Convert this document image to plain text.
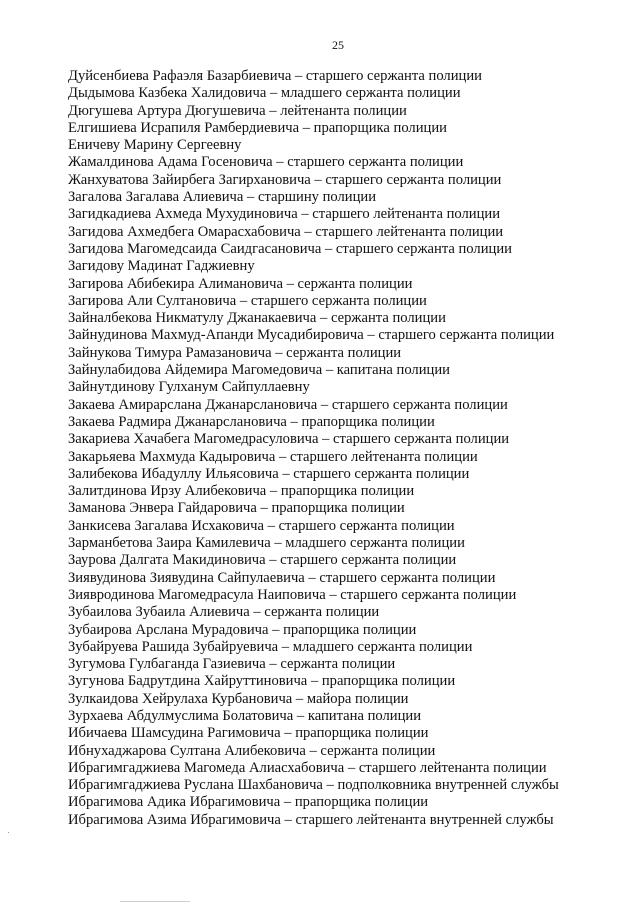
25
Дуйсенбиева Рафаэля Базарбиевича – старшего сержанта полиции
Дыдымова Казбека Халидовича – младшего сержанта полиции
Дюгушева Артура Дюгушевича – лейтенанта полиции
Елгишиева Исрапиля Рамбердиевича – прапорщика полиции
Еничеву Марину Сергеевну
Жамалдинова Адама Госеновича – старшего сержанта полиции
Жанхуватова Зайирбега Загирхановича – старшего сержанта полиции
Загалова Загалава Алиевича – старшину полиции
Загидкадиева Ахмеда Мухудиновича – старшего лейтенанта полиции
Загидова Ахмедбега Омарасхабовича – старшего лейтенанта полиции
Загидова Магомедсаида Саидгасановича – старшего сержанта полиции
Загидову Мадинат Гаджиевну
Загирова Абибекира Алимановича – сержанта полиции
Загирова Али Султановича – старшего сержанта полиции
Зайналбекова Никматулу Джанакаевича – сержанта полиции
Зайнудинова Махмуд-Апанди Мусадибировича – старшего сержанта полиции
Зайнукова Тимура Рамазановича – сержанта полиции
Зайнулабидова Айдемира Магомедовича – капитана полиции
Зайнутдинову Гулханум Сайпуллаевну
Закаева Амирарслана Джанарслановича – старшего сержанта полиции
Закаева Радмира Джанарслановича – прапорщика полиции
Закариева Хачабега Магомедрасуловича – старшего сержанта полиции
Закарьяева Махмуда Кадыровича – старшего лейтенанта полиции
Залибекова Ибадуллу Ильясовича – старшего сержанта полиции
Залитдинова Ирзу Алибековича – прапорщика полиции
Заманова Энвера Гайдаровича – прапорщика полиции
Занкисева Загалава Исхаковича – старшего сержанта полиции
Зарманбетова Заира Камилевича – младшего сержанта полиции
Заурова Далгата Макидиновича – старшего сержанта полиции
Зиявудинова Зиявудина Сайпулаевича – старшего сержанта полиции
Зиявродинова Магомедрасула Наиповича – старшего сержанта полиции
Зубаилова Зубаила Алиевича – сержанта полиции
Зубаирова Арслана Мурадовича – прапорщика полиции
Зубайруева Рашида Зубайруевича – младшего сержанта полиции
Зугумова Гулбаганда Газиевича – сержанта полиции
Зугунова Бадрутдина Хайруттиновича – прапорщика полиции
Зулкаидова Хейрулаха Курбановича – майора полиции
Зурхаева Абдулмуслима Болатовича – капитана полиции
Ибичаева Шамсудина Рагимовича – прапорщика полиции
Ибнухаджарова Султана Алибековича – сержанта полиции
Ибрагимгаджиева Магомеда Алиасхабовича – старшего лейтенанта полиции
Ибрагимгаджиева Руслана Шахбановича – подполковника внутренней службы
Ибрагимова Адика Ибрагимовича – прапорщика полиции
Ибрагимова Азима Ибрагимовича – старшего лейтенанта внутренней службы
